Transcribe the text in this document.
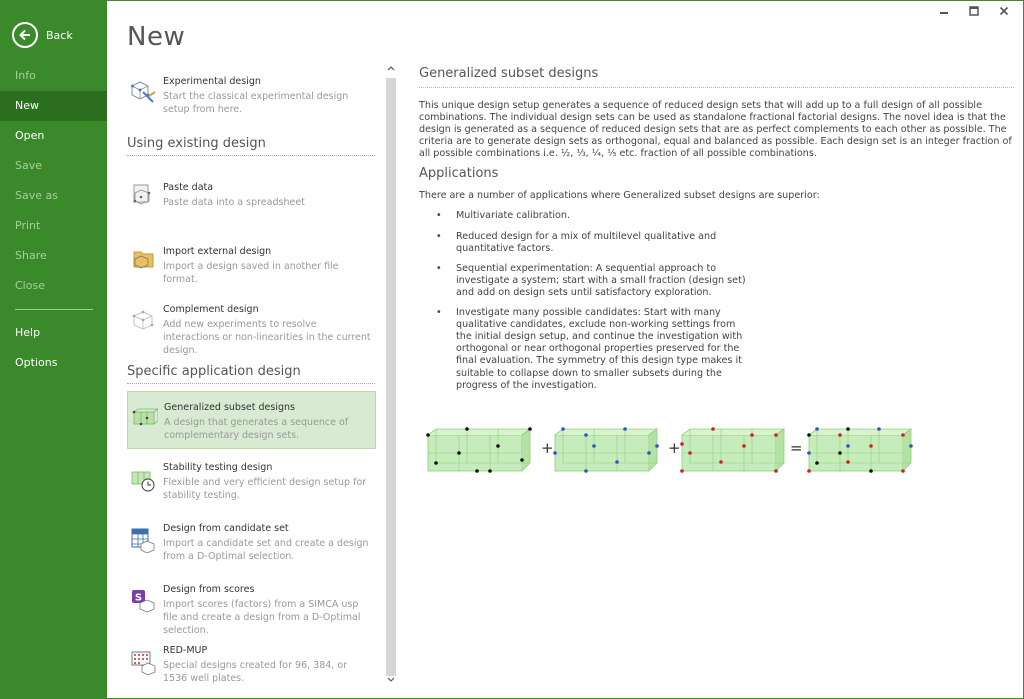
Back
Info
New
Open
Save
Save as
Print
Share
Close
Help
Options
New
Experimental design
Start the classical experimental design setup from here.
Using existing design
Paste data
Paste data into a spreadsheet
Import external design
Import a design saved in another file format.
Complement design
Add new experiments to resolve interactions or non-linearities in the current design.
Specific application design
Generalized subset designs
A design that generates a sequence of complementary design sets.
Stability testing design
Flexible and very efficient design setup for stability testing.
Design from candidate set
Import a candidate set and create a design from a D-Optimal selection.
S
Design from scores
Import scores (factors) from a SIMCA usp file and create a design from a D-Optimal selection.
RED-MUP
Special designs created for 96, 384, or 1536 well plates.
Generalized subset designs
This unique design setup generates a sequence of reduced design sets that will add up to a full design of all possible combinations. The individual design sets can be used as standalone fractional factorial designs. The novel idea is that the design is generated as a sequence of reduced design sets that are as perfect complements to each other as possible. The criteria are to generate design sets as orthogonal, equal and balanced as possible. Each design set is an integer fraction of all possible combinations i.e. ½, ⅓, ¼, ⅕ etc. fraction of all possible combinations.
Applications
There are a number of applications where Generalized subset designs are superior:
• Multivariate calibration.
• Reduced design for a mix of multilevel qualitative and quantitative factors.
• Sequential experimentation: A sequential approach to investigate a system; start with a small fraction (design set) and add on design sets until satisfactory exploration.
• Investigate many possible candidates: Start with many qualitative candidates, exclude non-working settings from the initial design setup, and continue the investigation with orthogonal or near orthogonal properties preserved for the final evaluation. The symmetry of this design type makes it suitable to collapse down to smaller subsets during the progress of the investigation.
+	+	=
